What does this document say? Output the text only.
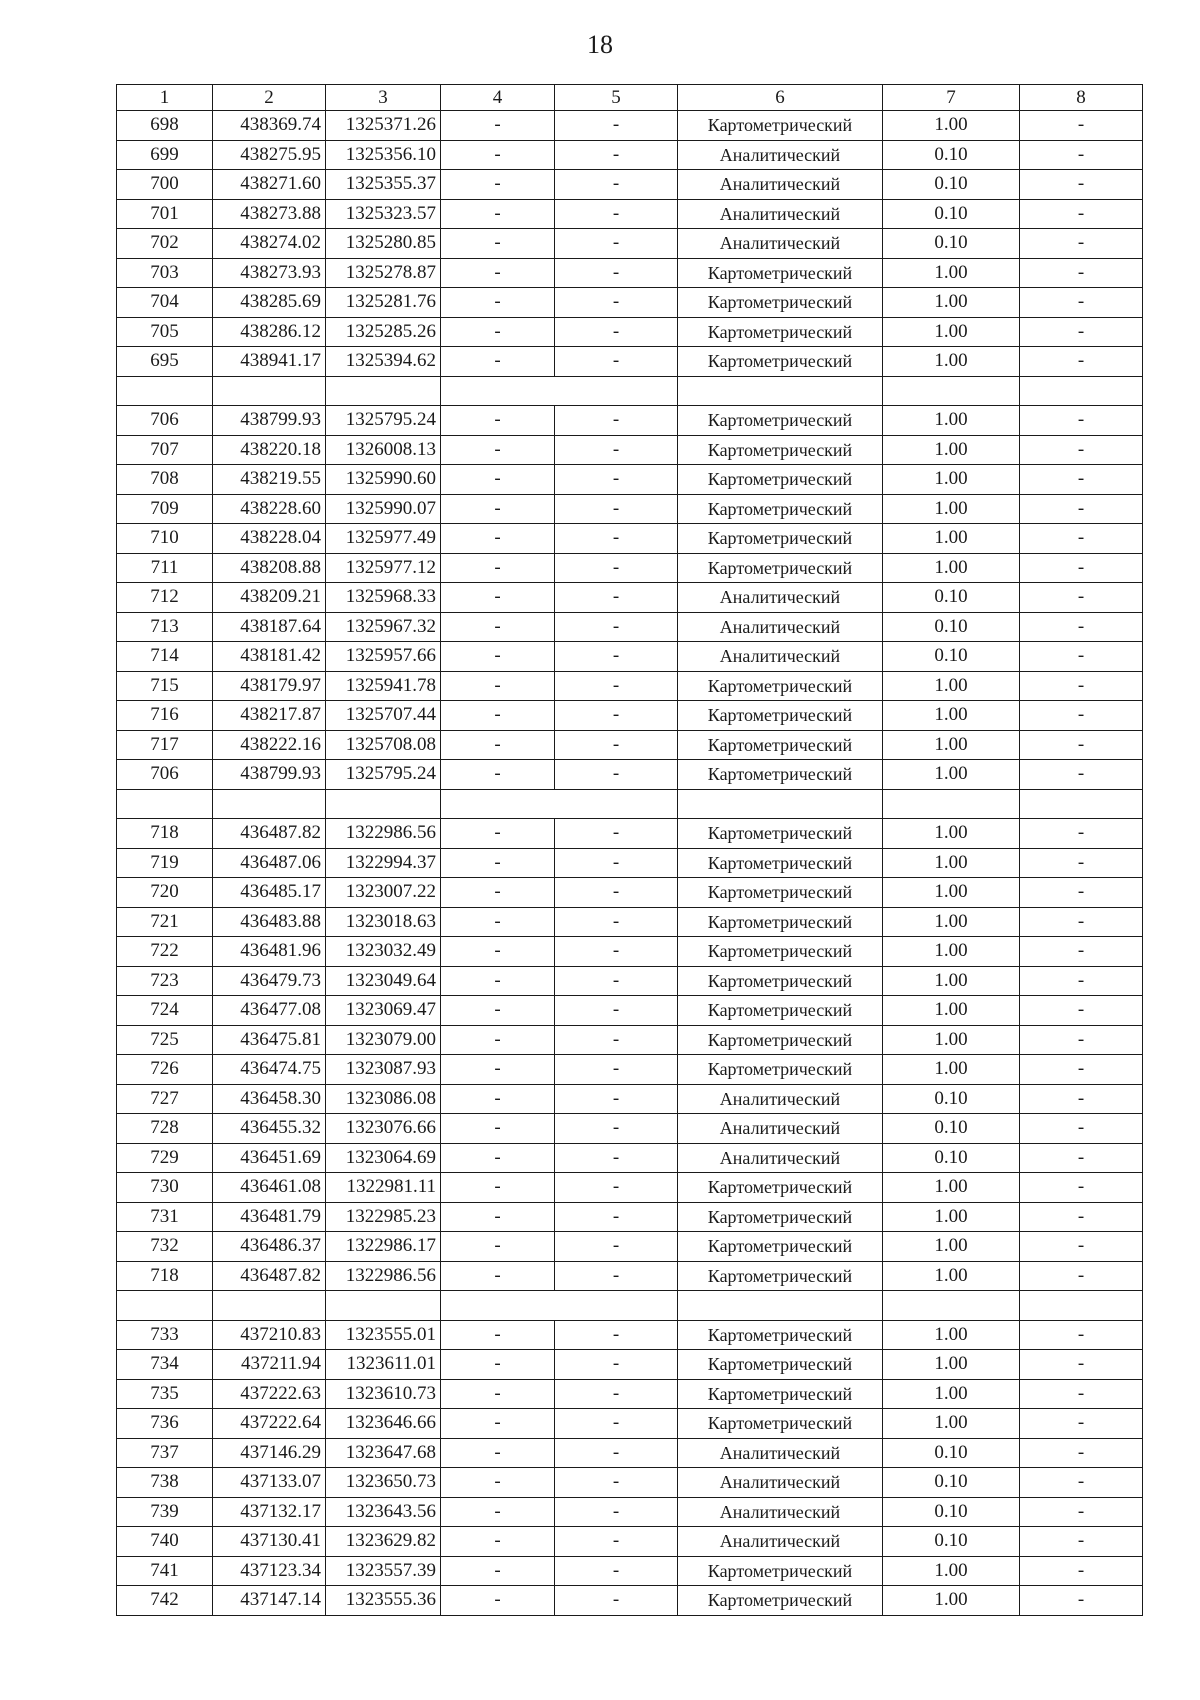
18
1	2	3	4	5	6	7	8
698	438369.74	1325371.26	-	-	Картометрический	1.00	-
699	438275.95	1325356.10	-	-	Аналитический	0.10	-
700	438271.60	1325355.37	-	-	Аналитический	0.10	-
701	438273.88	1325323.57	-	-	Аналитический	0.10	-
702	438274.02	1325280.85	-	-	Аналитический	0.10	-
703	438273.93	1325278.87	-	-	Картометрический	1.00	-
704	438285.69	1325281.76	-	-	Картометрический	1.00	-
705	438286.12	1325285.26	-	-	Картометрический	1.00	-
695	438941.17	1325394.62	-	-	Картометрический	1.00	-

706	438799.93	1325795.24	-	-	Картометрический	1.00	-
707	438220.18	1326008.13	-	-	Картометрический	1.00	-
708	438219.55	1325990.60	-	-	Картометрический	1.00	-
709	438228.60	1325990.07	-	-	Картометрический	1.00	-
710	438228.04	1325977.49	-	-	Картометрический	1.00	-
711	438208.88	1325977.12	-	-	Картометрический	1.00	-
712	438209.21	1325968.33	-	-	Аналитический	0.10	-
713	438187.64	1325967.32	-	-	Аналитический	0.10	-
714	438181.42	1325957.66	-	-	Аналитический	0.10	-
715	438179.97	1325941.78	-	-	Картометрический	1.00	-
716	438217.87	1325707.44	-	-	Картометрический	1.00	-
717	438222.16	1325708.08	-	-	Картометрический	1.00	-
706	438799.93	1325795.24	-	-	Картометрический	1.00	-

718	436487.82	1322986.56	-	-	Картометрический	1.00	-
719	436487.06	1322994.37	-	-	Картометрический	1.00	-
720	436485.17	1323007.22	-	-	Картометрический	1.00	-
721	436483.88	1323018.63	-	-	Картометрический	1.00	-
722	436481.96	1323032.49	-	-	Картометрический	1.00	-
723	436479.73	1323049.64	-	-	Картометрический	1.00	-
724	436477.08	1323069.47	-	-	Картометрический	1.00	-
725	436475.81	1323079.00	-	-	Картометрический	1.00	-
726	436474.75	1323087.93	-	-	Картометрический	1.00	-
727	436458.30	1323086.08	-	-	Аналитический	0.10	-
728	436455.32	1323076.66	-	-	Аналитический	0.10	-
729	436451.69	1323064.69	-	-	Аналитический	0.10	-
730	436461.08	1322981.11	-	-	Картометрический	1.00	-
731	436481.79	1322985.23	-	-	Картометрический	1.00	-
732	436486.37	1322986.17	-	-	Картометрический	1.00	-
718	436487.82	1322986.56	-	-	Картометрический	1.00	-

733	437210.83	1323555.01	-	-	Картометрический	1.00	-
734	437211.94	1323611.01	-	-	Картометрический	1.00	-
735	437222.63	1323610.73	-	-	Картометрический	1.00	-
736	437222.64	1323646.66	-	-	Картометрический	1.00	-
737	437146.29	1323647.68	-	-	Аналитический	0.10	-
738	437133.07	1323650.73	-	-	Аналитический	0.10	-
739	437132.17	1323643.56	-	-	Аналитический	0.10	-
740	437130.41	1323629.82	-	-	Аналитический	0.10	-
741	437123.34	1323557.39	-	-	Картометрический	1.00	-
742	437147.14	1323555.36	-	-	Картометрический	1.00	-
